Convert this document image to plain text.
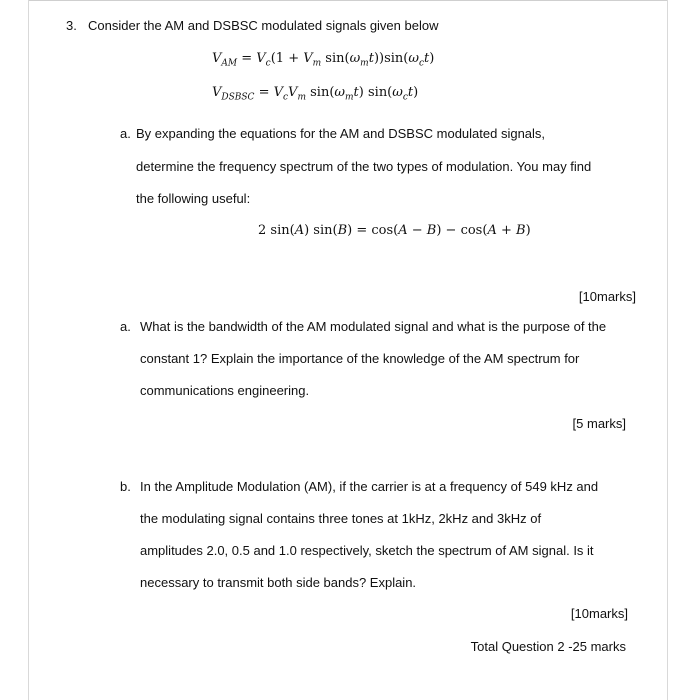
3. Consider the AM and DSBSC modulated signals given below
$V_{AM} = V_c(1 + V_m$ $\sin(\omega_mt))\sin(\omega_ct)$
$V_{DSBSC} = V_cV_m$ $\sin(\omega_mt)$ $\sin(\omega_ct)$
a. By expanding the equations for the AM and DSBSC modulated signals,
determine the frequency spectrum of the two types of modulation. You may find
the following useful:
2 sin(A) sin(B) = cos(A − B) − cos(A + B)
[10marks]
a. What is the bandwidth of the AM modulated signal and what is the purpose of the
constant 1? Explain the importance of the knowledge of the AM spectrum for
communications engineering.
[5 marks]
b. In the Amplitude Modulation (AM), if the carrier is at a frequency of 549 kHz and
the modulating signal contains three tones at 1kHz, 2kHz and 3kHz of
amplitudes 2.0, 0.5 and 1.0 respectively, sketch the spectrum of AM signal. Is it
necessary to transmit both side bands? Explain.
[10marks]
Total Question 2 -25 marks
